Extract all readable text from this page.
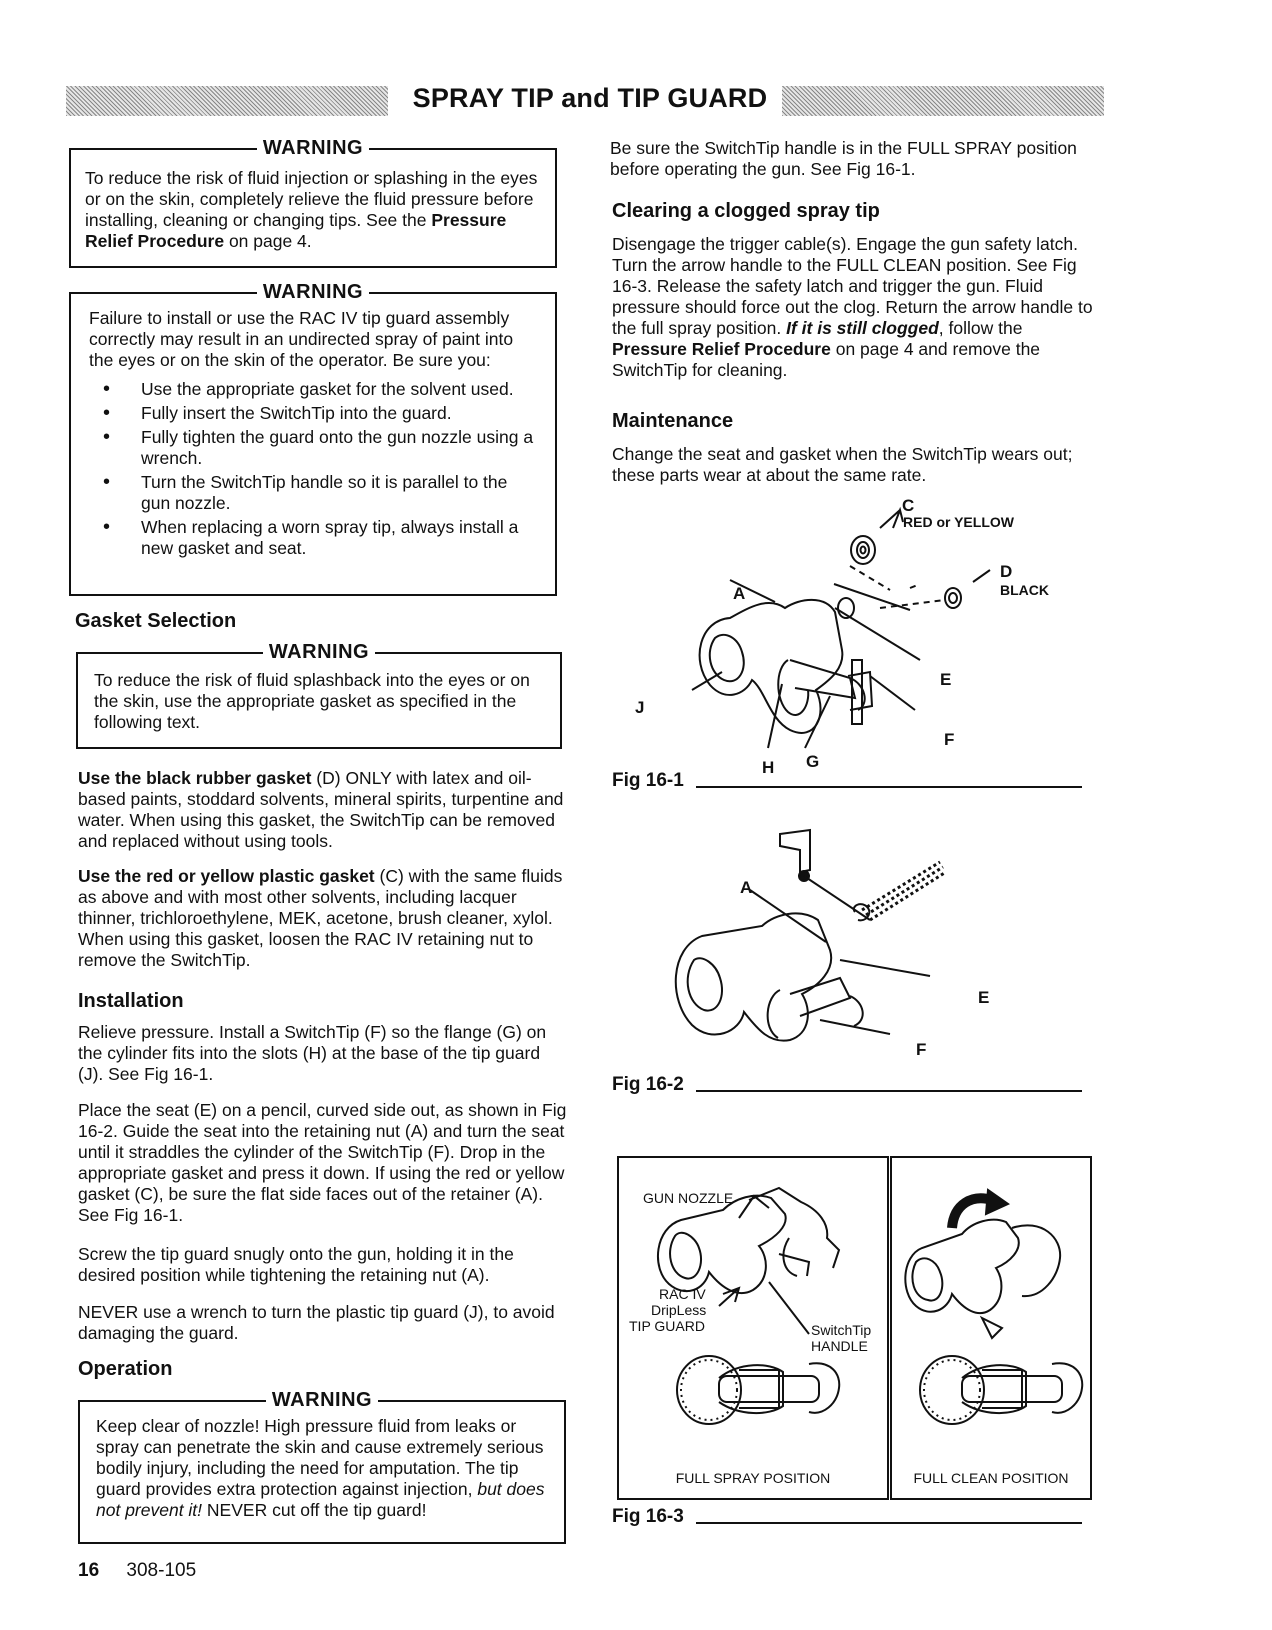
SPRAY TIP and TIP GUARD
WARNING
To reduce the risk of fluid injection or splashing in the eyes or on the skin, completely relieve the fluid pressure before installing, cleaning or changing tips. See the Pressure Relief Procedure on page 4.
WARNING
Failure to install or use the RAC IV tip guard assembly correctly may result in an undirected spray of paint into the eyes or on the skin of the operator. Be sure you:
• Use the appropriate gasket for the solvent used.
• Fully insert the SwitchTip into the guard.
• Fully tighten the guard onto the gun nozzle using a wrench.
• Turn the SwitchTip handle so it is parallel to the gun nozzle.
• When replacing a worn spray tip, always install a new gasket and seat.
Gasket Selection
WARNING
To reduce the risk of fluid splashback into the eyes or on the skin, use the appropriate gasket as specified in the following text.
Use the black rubber gasket (D) ONLY with latex and oil-based paints, stoddard solvents, mineral spirits, turpentine and water. When using this gasket, the SwitchTip can be removed and replaced without using tools.
Use the red or yellow plastic gasket (C) with the same fluids as above and with most other solvents, including lacquer thinner, trichloroethylene, MEK, acetone, brush cleaner, xylol. When using this gasket, loosen the RAC IV retaining nut to remove the SwitchTip.
Installation
Relieve pressure. Install a SwitchTip (F) so the flange (G) on the cylinder fits into the slots (H) at the base of the tip guard (J). See Fig 16-1.
Place the seat (E) on a pencil, curved side out, as shown in Fig 16-2. Guide the seat into the retaining nut (A) and turn the seat until it straddles the cylinder of the SwitchTip (F). Drop in the appropriate gasket and press it down. If using the red or yellow gasket (C), be sure the flat side faces out of the retainer (A). See Fig 16-1.
Screw the tip guard snugly onto the gun, holding it in the desired position while tightening the retaining nut (A).
NEVER use a wrench to turn the plastic tip guard (J), to avoid damaging the guard.
Operation
WARNING
Keep clear of nozzle! High pressure fluid from leaks or spray can penetrate the skin and cause extremely serious bodily injury, including the need for amputation. The tip guard provides extra protection against injection, but does not prevent it! NEVER cut off the tip guard!
16 308-105
Be sure the SwitchTip handle is in the FULL SPRAY position before operating the gun. See Fig 16-1.
Clearing a clogged spray tip
Disengage the trigger cable(s). Engage the gun safety latch. Turn the arrow handle to the FULL CLEAN position. See Fig 16-3. Release the safety latch and trigger the gun. Fluid pressure should force out the clog. Return the arrow handle to the full spray position. If it is still clogged, follow the Pressure Relief Procedure on page 4 and remove the SwitchTip for cleaning.
Maintenance
Change the seat and gasket when the SwitchTip wears out; these parts wear at about the same rate.
C
RED or YELLOW
D
BLACK
A
E
F
J
H G
Fig 16-1
A
E
F
Fig 16-2
GUN NOZZLE
RAC IV
DripLess
TIP GUARD	SwitchTip
HANDLE
FULL SPRAY POSITION	FULL CLEAN POSITION
Fig 16-3
